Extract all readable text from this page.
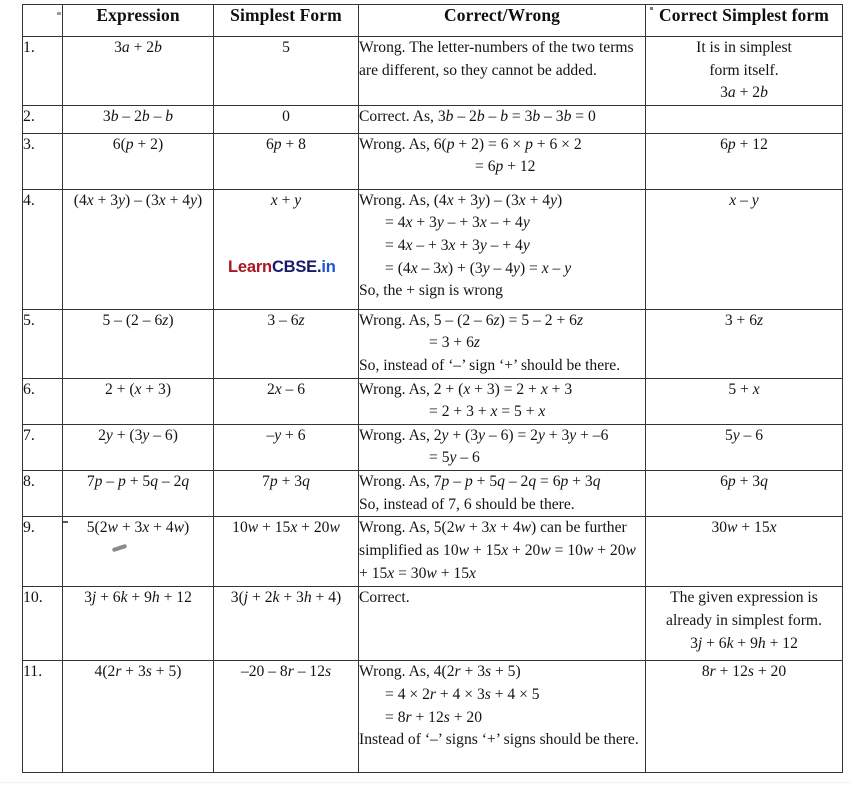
	Expression	Simplest Form	Correct/Wrong	Correct Simplest form
1.	3a + 2b	5	Wrong. The letter-numbers of the two terms are different, so they cannot be added.	It is in simplest
form itself.
3a + 2b

2.	3b – 2b – b	0	Correct. As, 3b – 2b – b = 3b – 3b = 0	

3.	6(p + 2)	6p + 8	Wrong. As, 6(p + 2) = 6 × p + 6 × 2
= 6p + 12	6p + 12

4.	(4x + 3y) – (3x + 4y)	x + y	Wrong. As, (4x + 3y) – (3x + 4y)
= 4x + 3y – + 3x – + 4y
= 4x – + 3x + 3y – + 4y
= (4x – 3x) + (3y – 4y) = x – y
So, the + sign is wrong	x – y

5.	5 – (2 – 6z)	3 – 6z	Wrong. As, 5 – (2 – 6z) = 5 – 2 + 6z
= 3 + 6z
So, instead of ‘–’ sign ‘+’ should be there.	3 + 6z

6.	2 + (x + 3)	2x – 6	Wrong. As, 2 + (x + 3) = 2 + x + 3
= 2 + 3 + x = 5 + x	5 + x

7.	2y + (3y – 6)	–y + 6	Wrong. As, 2y + (3y – 6) = 2y + 3y + –6
= 5y – 6	5y – 6

8.	7p – p + 5q – 2q	7p + 3q	Wrong. As, 7p – p + 5q – 2q = 6p + 3q
So, instead of 7, 6 should be there.	6p + 3q

9.	5(2w + 3x + 4w)	10w + 15x + 20w	Wrong. As, 5(2w + 3x + 4w) can be further simplified as 10w + 15x + 20w = 10w + 20w + 15x = 30w + 15x	30w + 15x

10.	3j + 6k + 9h + 12	3(j + 2k + 3h + 4)	Correct.	The given expression is
already in simplest form.
3j + 6k + 9h + 12

11.	4(2r + 3s + 5)	–20 – 8r – 12s	Wrong. As, 4(2r + 3s + 5)
= 4 × 2r + 4 × 3s + 4 × 5
= 8r + 12s + 20
Instead of ‘–’ signs ‘+’ signs should be there.	8r + 12s + 20
LearnCBSE.in
